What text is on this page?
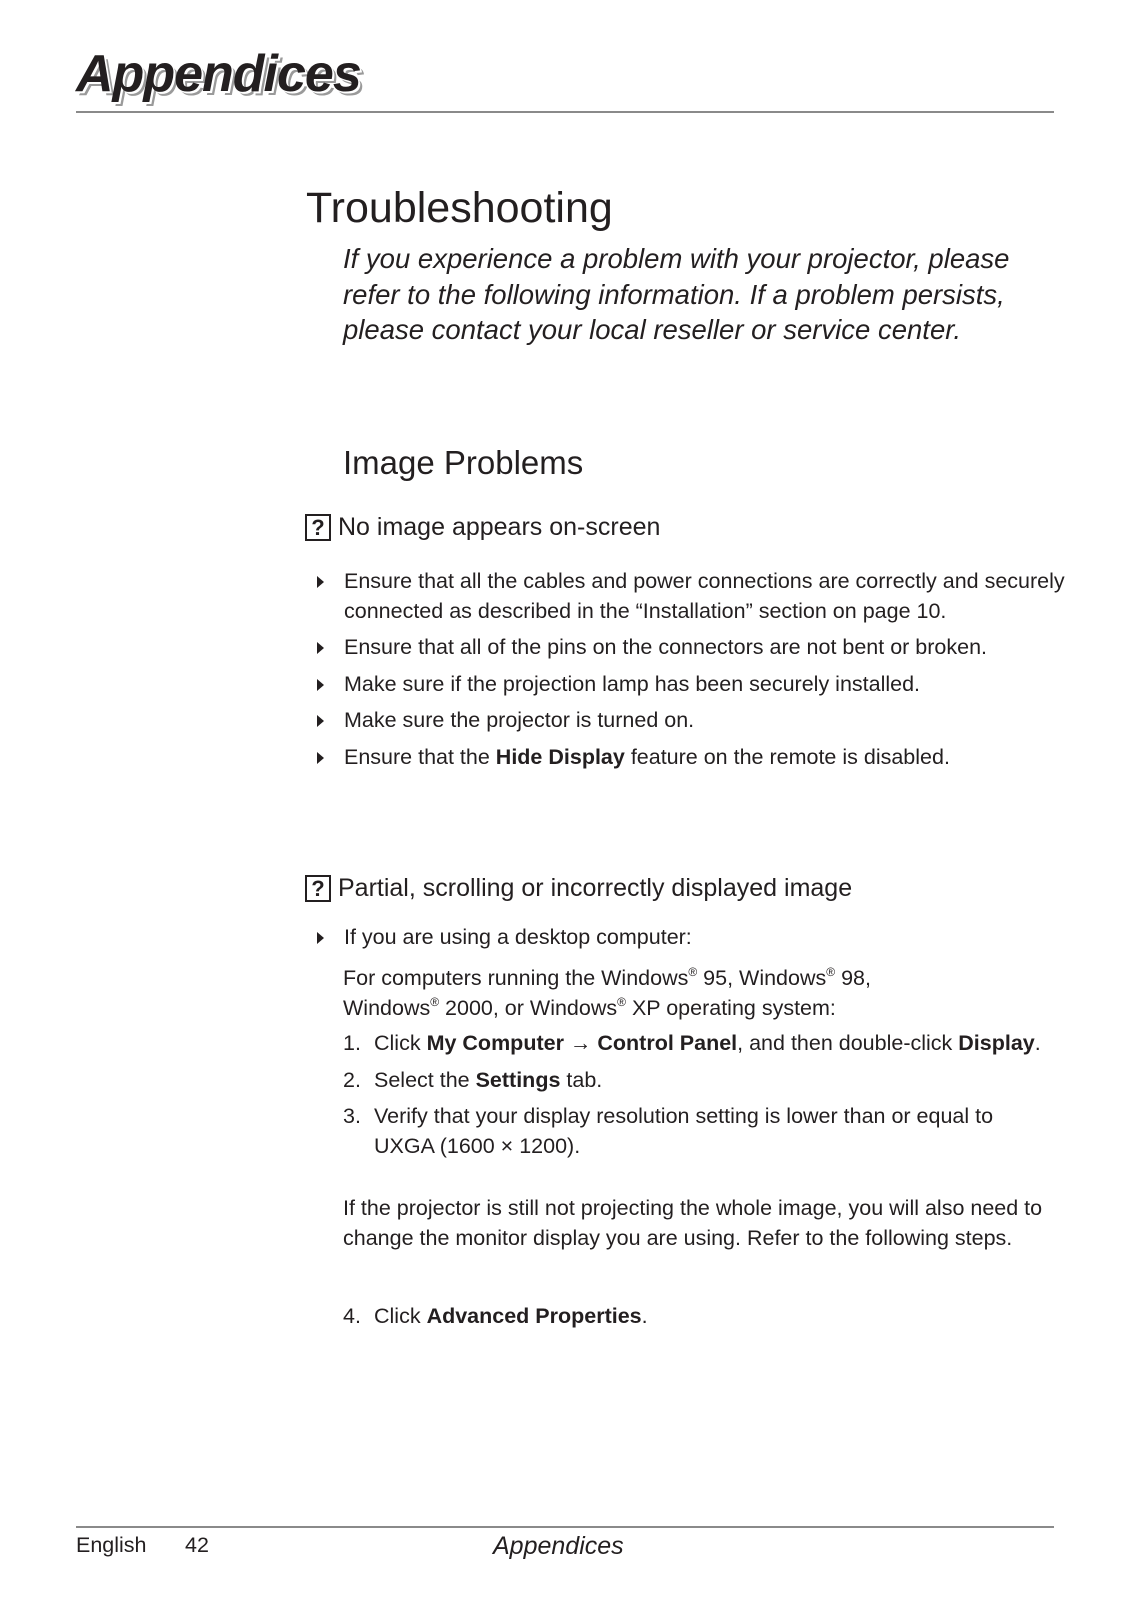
Appendices
Troubleshooting
If you experience a problem with your projector, please refer to the following information. If a problem persists, please contact your local reseller or service center.
Image Problems
? No image appears on-screen
Ensure that all the cables and power connections are correctly and securely connected as described in the “Installation” section on page 10.
Ensure that all of the pins on the connectors are not bent or broken.
Make sure if the projection lamp has been securely installed.
Make sure the projector is turned on.
Ensure that the Hide Display feature on the remote is disabled.
? Partial, scrolling or incorrectly displayed image
If you are using a desktop computer:
For computers running the Windows® 95, Windows® 98,
Windows® 2000, or Windows® XP operating system:
1. Click My Computer → Control Panel, and then double-click Display.
2. Select the Settings tab.
3. Verify that your display resolution setting is lower than or equal to UXGA (1600 × 1200).
If the projector is still not projecting the whole image, you will also need to change the monitor display you are using. Refer to the following steps.
4. Click Advanced Properties.
English 42	Appendices
